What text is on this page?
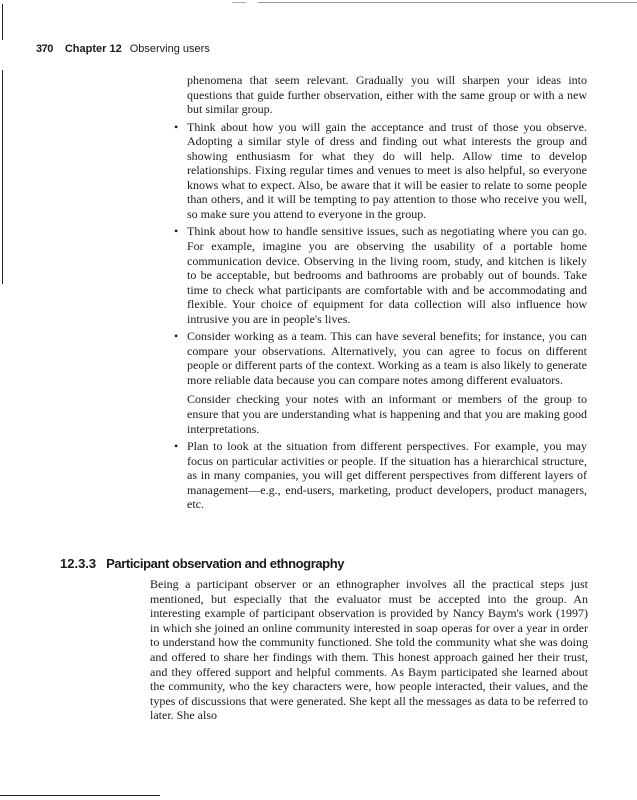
370 Chapter 12 Observing users

phenomena that seem relevant. Gradually you will sharpen your ideas into questions that guide further observation, either with the same group or with a new but similar group.

• Think about how you will gain the acceptance and trust of those you observe. Adopting a similar style of dress and finding out what interests the group and showing enthusiasm for what they do will help. Allow time to develop relationships. Fixing regular times and venues to meet is also helpful, so everyone knows what to expect. Also, be aware that it will be easier to relate to some people than others, and it will be tempting to pay attention to those who receive you well, so make sure you attend to everyone in the group.

• Think about how to handle sensitive issues, such as negotiating where you can go. For example, imagine you are observing the usability of a portable home communication device. Observing in the living room, study, and kitchen is likely to be acceptable, but bedrooms and bathrooms are probably out of bounds. Take time to check what participants are comfortable with and be accommodating and flexible. Your choice of equipment for data collection will also influence how intrusive you are in people's lives.

• Consider working as a team. This can have several benefits; for instance, you can compare your observations. Alternatively, you can agree to focus on different people or different parts of the context. Working as a team is also likely to generate more reliable data because you can compare notes among different evaluators.

Consider checking your notes with an informant or members of the group to ensure that you are understanding what is happening and that you are making good interpretations.

• Plan to look at the situation from different perspectives. For example, you may focus on particular activities or people. If the situation has a hierarchical structure, as in many companies, you will get different perspectives from different layers of management—e.g., end-users, marketing, product developers, product managers, etc.

12.3.3 Participant observation and ethnography

Being a participant observer or an ethnographer involves all the practical steps just mentioned, but especially that the evaluator must be accepted into the group. An interesting example of participant observation is provided by Nancy Baym's work (1997) in which she joined an online community interested in soap operas for over a year in order to understand how the community functioned. She told the community what she was doing and offered to share her findings with them. This honest approach gained her their trust, and they offered support and helpful comments. As Baym participated she learned about the community, who the key characters were, how people interacted, their values, and the types of discussions that were generated. She kept all the messages as data to be referred to later. She also
